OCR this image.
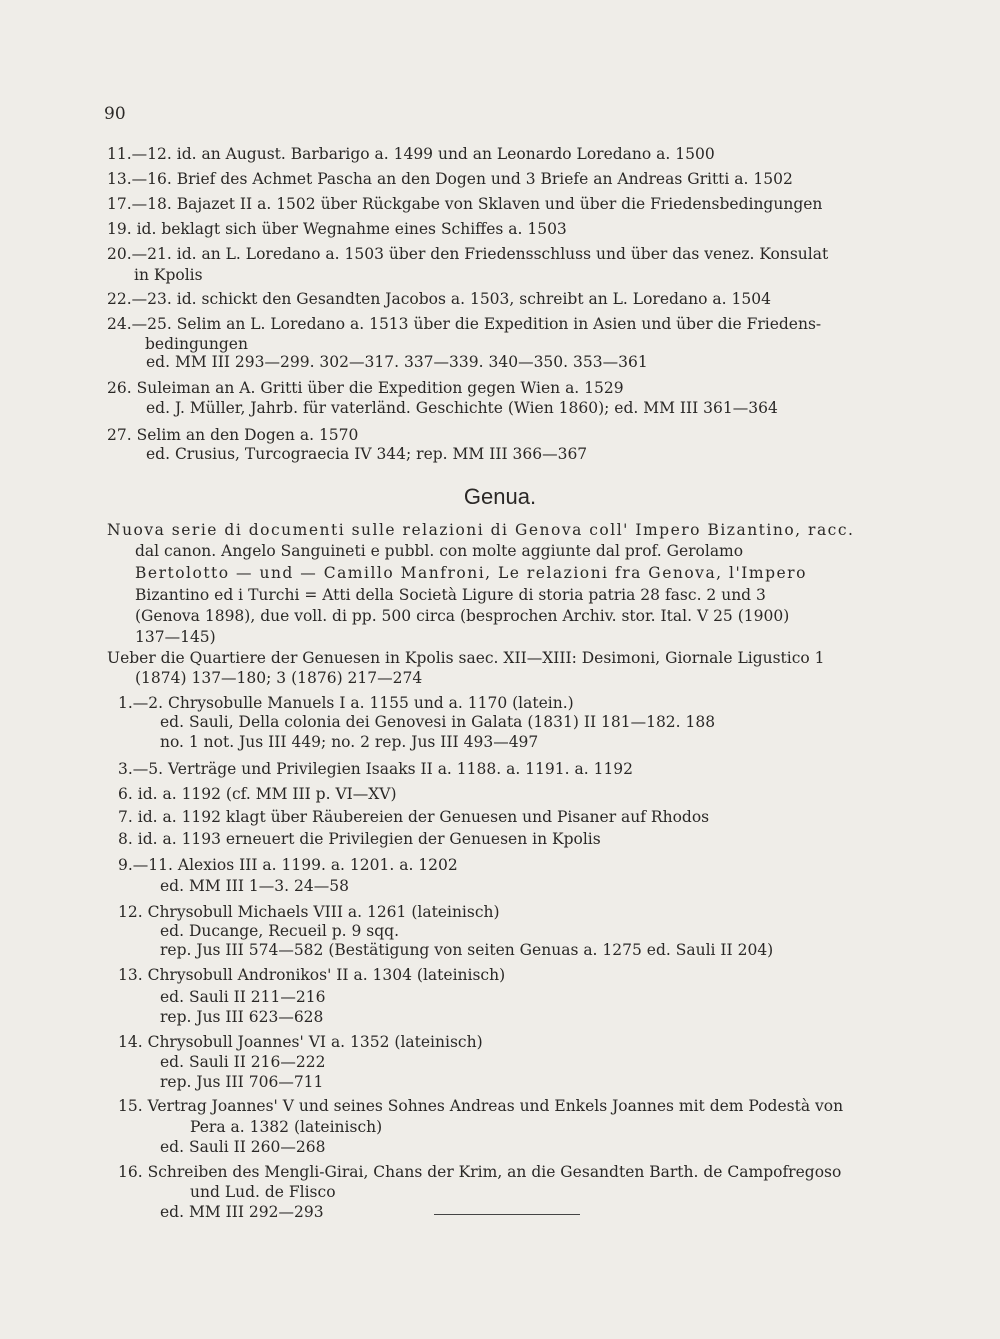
90
11.—12. id. an August. Barbarigo a. 1499 und an Leonardo Loredano a. 1500
13.—16. Brief des Achmet Pascha an den Dogen und 3 Briefe an Andreas Gritti a. 1502
17.—18. Bajazet II a. 1502 über Rückgabe von Sklaven und über die Friedensbedingungen
19. id. beklagt sich über Wegnahme eines Schiffes a. 1503
20.—21. id. an L. Loredano a. 1503 über den Friedensschluss und über das venez. Konsulat
in Kpolis
22.—23. id. schickt den Gesandten Jacobos a. 1503, schreibt an L. Loredano a. 1504
24.—25. Selim an L. Loredano a. 1513 über die Expedition in Asien und über die Friedens-
bedingungen
ed. MM III 293—299. 302—317. 337—339. 340—350. 353—361
26. Suleiman an A. Gritti über die Expedition gegen Wien a. 1529
ed. J. Müller, Jahrb. für vaterländ. Geschichte (Wien 1860); ed. MM III 361—364
27. Selim an den Dogen a. 1570
ed. Crusius, Turcograecia IV 344; rep. MM III 366—367
Genua.
Nuova serie di documenti sulle relazioni di Genova coll' Impero Bizantino, racc.
dal canon. Angelo Sanguineti e pubbl. con molte aggiunte dal prof. Gerolamo
Bertolotto — und — Camillo Manfroni, Le relazioni fra Genova, l'Impero
Bizantino ed i Turchi = Atti della Società Ligure di storia patria 28 fasc. 2 und 3
(Genova 1898), due voll. di pp. 500 circa (besprochen Archiv. stor. Ital. V 25 (1900)
137—145)
Ueber die Quartiere der Genuesen in Kpolis saec. XII—XIII: Desimoni, Giornale Ligustico 1
(1874) 137—180; 3 (1876) 217—274
1.—2. Chrysobulle Manuels I a. 1155 und a. 1170 (latein.)
ed. Sauli, Della colonia dei Genovesi in Galata (1831) II 181—182. 188
no. 1 not. Jus III 449; no. 2 rep. Jus III 493—497
3.—5. Verträge und Privilegien Isaaks II a. 1188. a. 1191. a. 1192
6. id. a. 1192 (cf. MM III p. VI—XV)
7. id. a. 1192 klagt über Räubereien der Genuesen und Pisaner auf Rhodos
8. id. a. 1193 erneuert die Privilegien der Genuesen in Kpolis
9.—11. Alexios III a. 1199. a. 1201. a. 1202
ed. MM III 1—3. 24—58
12. Chrysobull Michaels VIII a. 1261 (lateinisch)
ed. Ducange, Recueil p. 9 sqq.
rep. Jus III 574—582 (Bestätigung von seiten Genuas a. 1275 ed. Sauli II 204)
13. Chrysobull Andronikos' II a. 1304 (lateinisch)
ed. Sauli II 211—216
rep. Jus III 623—628
14. Chrysobull Joannes' VI a. 1352 (lateinisch)
ed. Sauli II 216—222
rep. Jus III 706—711
15. Vertrag Joannes' V und seines Sohnes Andreas und Enkels Joannes mit dem Podestà von
Pera a. 1382 (lateinisch)
ed. Sauli II 260—268
16. Schreiben des Mengli-Girai, Chans der Krim, an die Gesandten Barth. de Campofregoso
und Lud. de Flisco
ed. MM III 292—293
